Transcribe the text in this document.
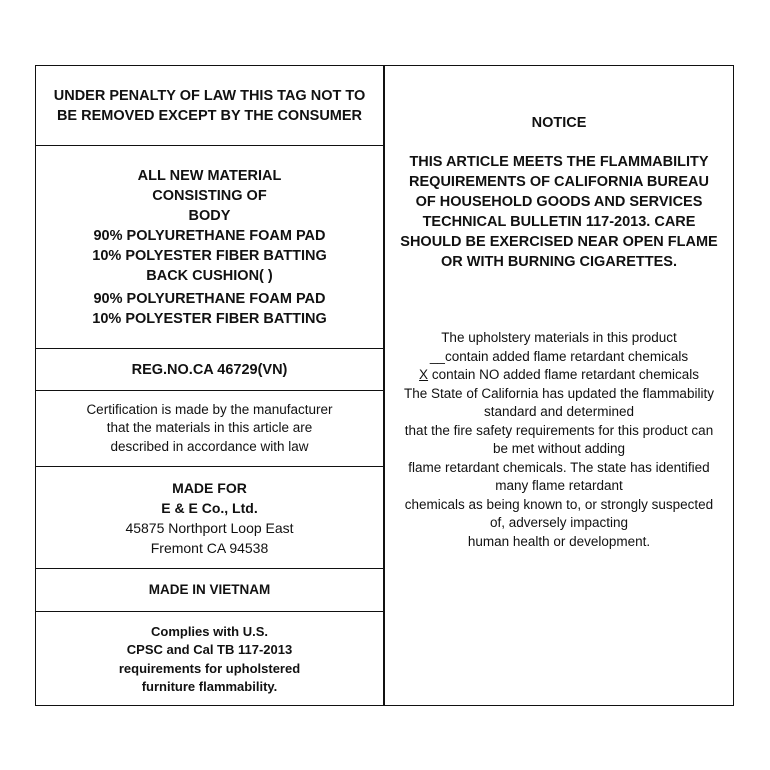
UNDER PENALTY OF LAW THIS TAG NOT TO
BE REMOVED EXCEPT BY THE CONSUMER
ALL NEW MATERIAL
CONSISTING OF
BODY
90% POLYURETHANE FOAM PAD
10% POLYESTER FIBER BATTING
BACK CUSHION( )
90% POLYURETHANE FOAM PAD
10% POLYESTER FIBER BATTING
REG.NO.CA 46729(VN)
Certification is made by the manufacturer
that the materials in this article are
described in accordance with law
MADE FOR
E & E Co., Ltd.
45875 Northport Loop East
Fremont CA 94538
MADE IN VIETNAM
Complies with U.S.
CPSC and Cal TB 117-2013
requirements for upholstered
furniture flammability.
NOTICE
THIS ARTICLE MEETS THE FLAMMABILITY
REQUIREMENTS OF CALIFORNIA BUREAU
OF HOUSEHOLD GOODS AND SERVICES
TECHNICAL BULLETIN 117-2013. CARE
SHOULD BE EXERCISED NEAR OPEN FLAME
OR WITH BURNING CIGARETTES.
The upholstery materials in this product
__contain added flame retardant chemicals
X contain NO added flame retardant chemicals
The State of California has updated the flammability
standard and determined
that the fire safety requirements for this product can
be met without adding
flame retardant chemicals. The state has identified
many flame retardant
chemicals as being known to, or strongly suspected
of, adversely impacting
human health or development.
